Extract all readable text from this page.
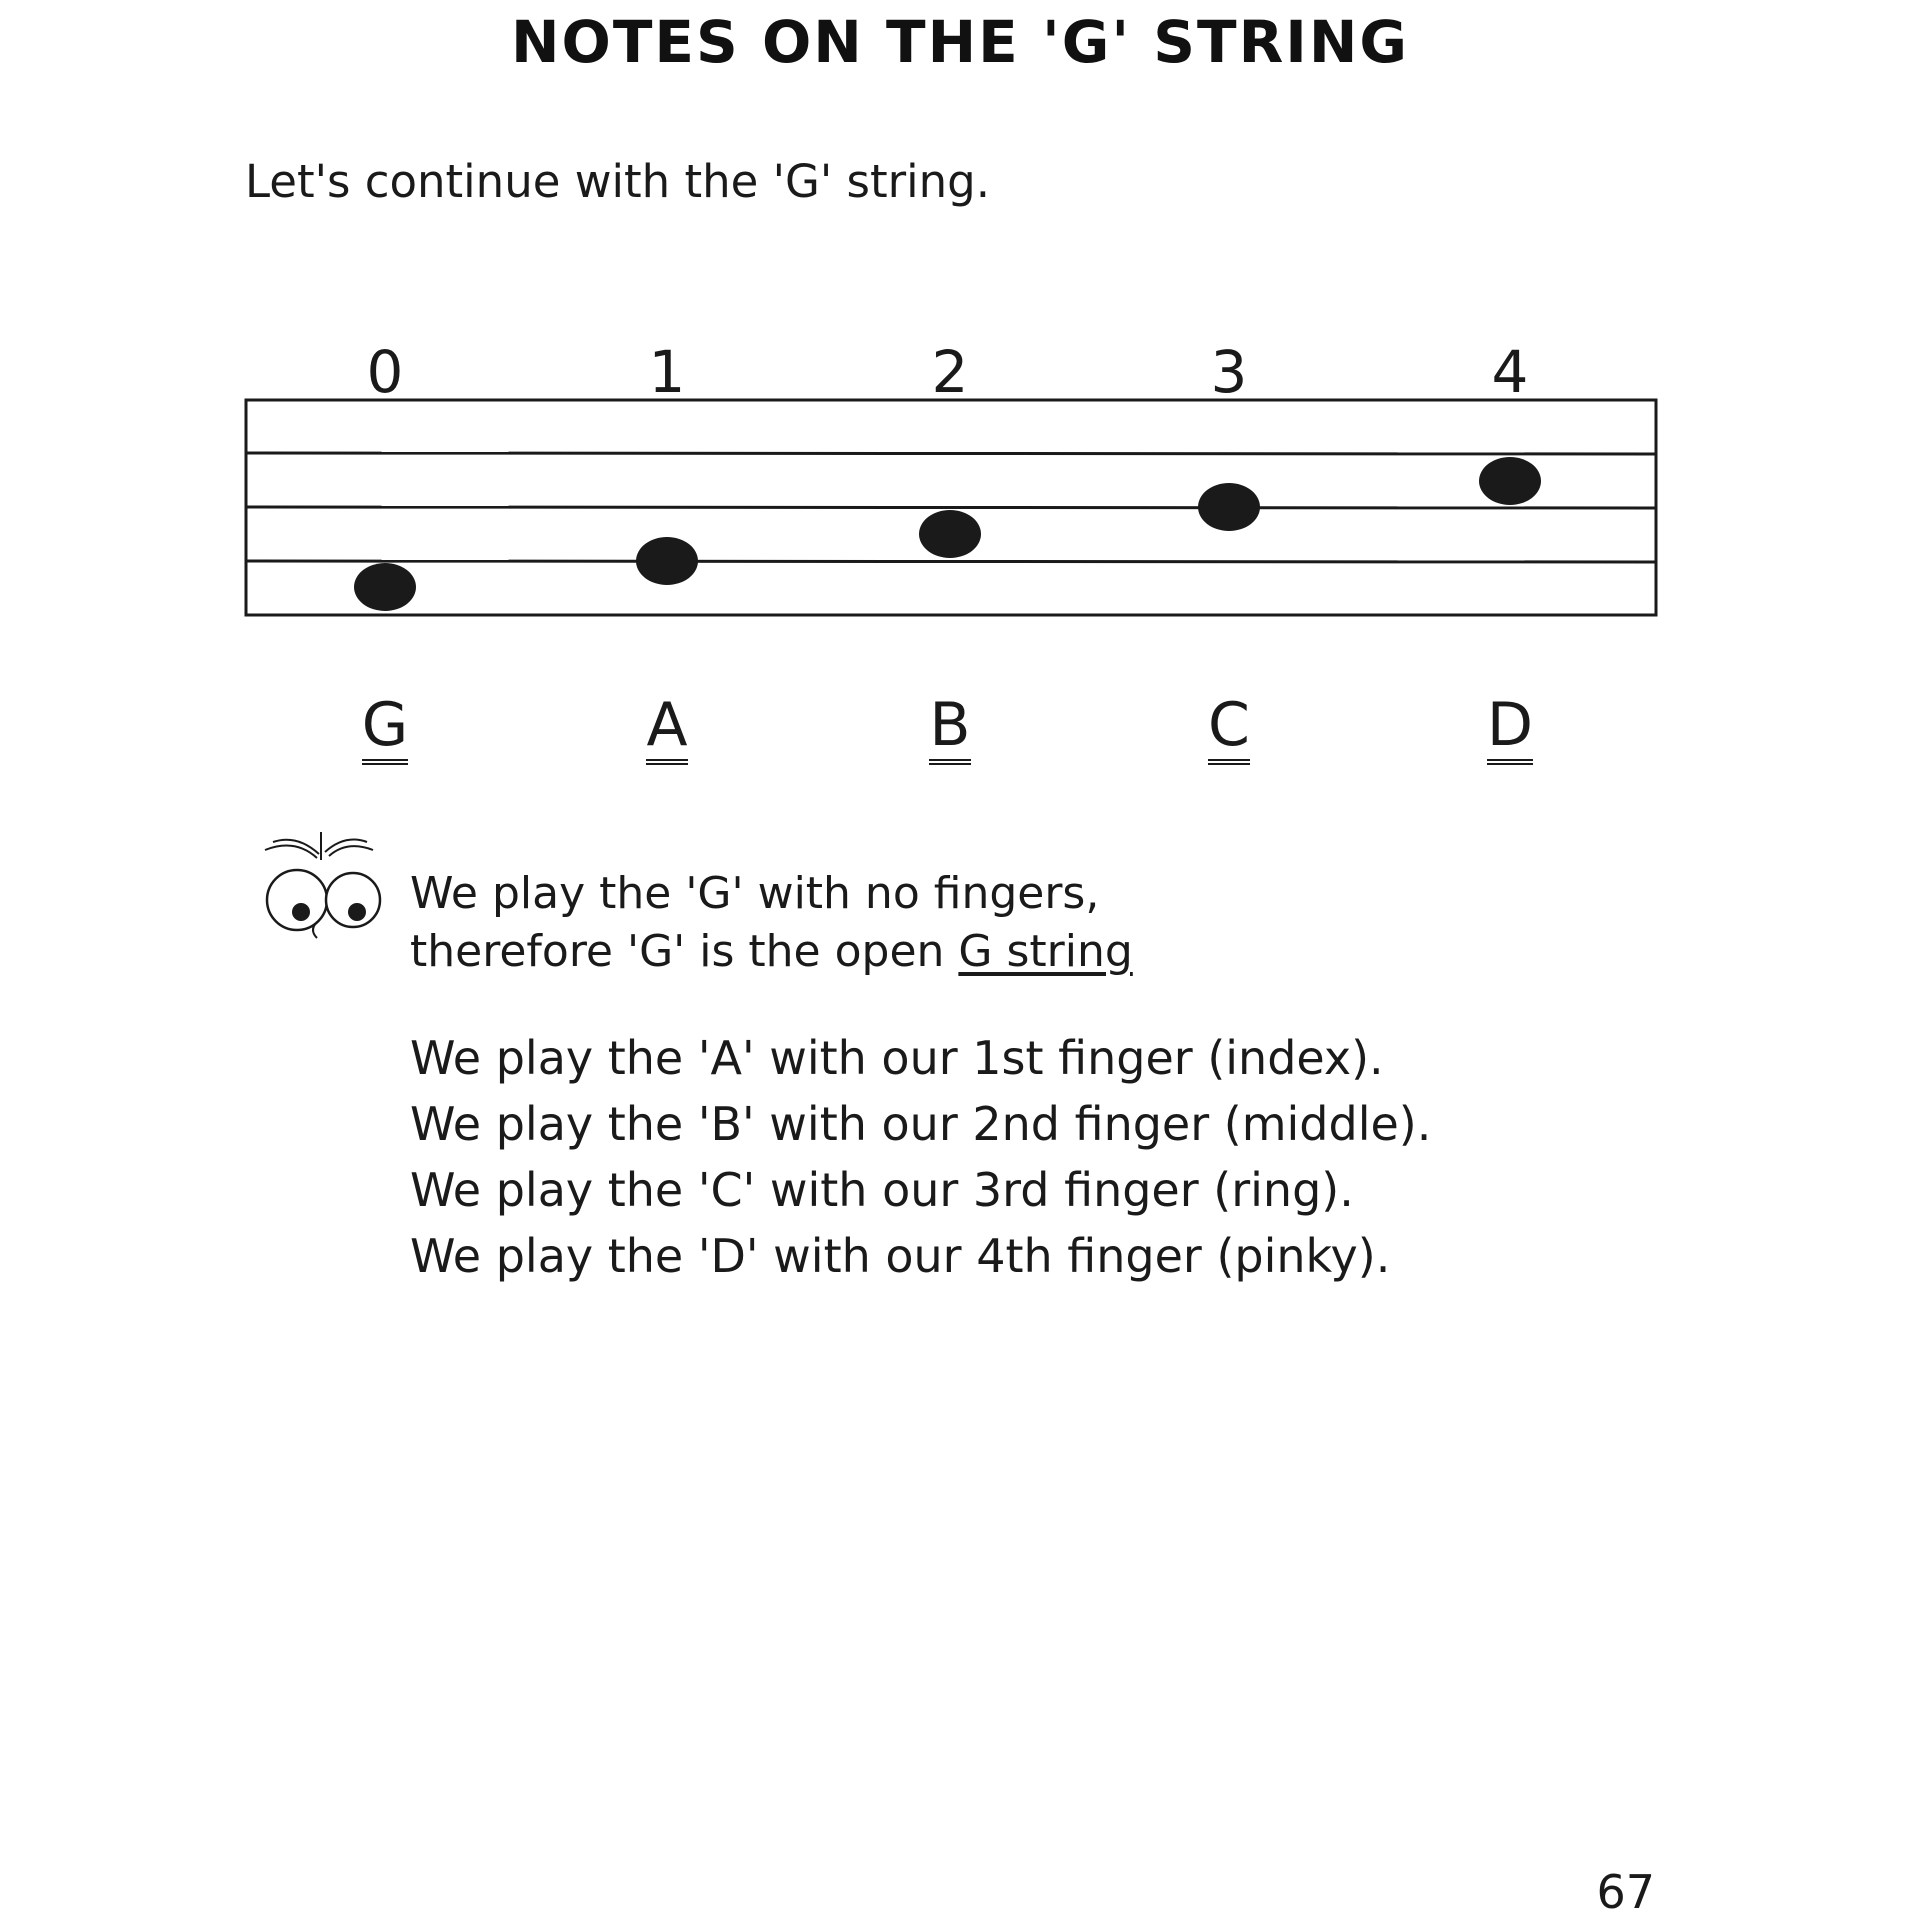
NOTES ON THE 'G' STRING
Let's continue with the 'G' string.
0	1	2	3	4
G	A	B	C	D
We play the 'G' with no fingers,
therefore 'G' is the open G string
We play the 'A' with our 1st finger (index).
We play the 'B' with our 2nd finger (middle).
We play the 'C' with our 3rd finger (ring).
We play the 'D' with our 4th finger (pinky).
67
